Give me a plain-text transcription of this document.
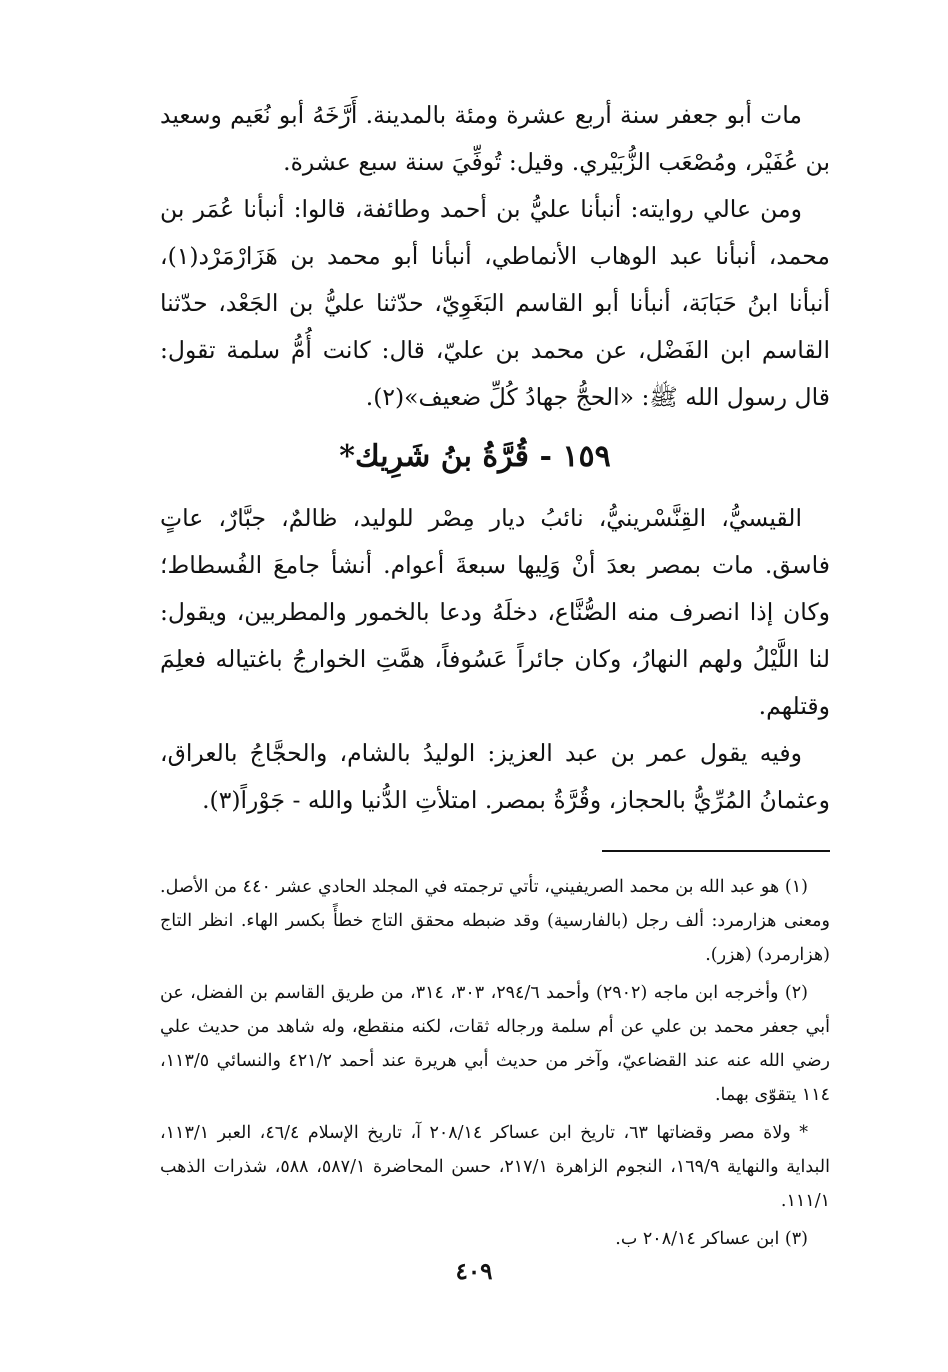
مات أبو جعفر سنة أربع عشرة ومئة بالمدينة. أَرَّخَهُ أبو نُعَيم وسعيد بن عُفَيْر، ومُصْعَب الزُّبَيْري. وقيل: تُوفِّيَ سنة سبع عشرة.

ومن عالي روايته: أنبأنا عليُّ بن أحمد وطائفة، قالوا: أنبأنا عُمَر بن محمد، أنبأنا عبد الوهاب الأنماطي، أنبأنا أبو محمد بن هَزَارْمَرْد(١)، أنبأنا ابنُ حَبَابَة، أنبأنا أبو القاسم البَغَوِيّ، حدّثنا عليُّ بن الجَعْد، حدّثنا القاسم ابن الفَضْل، عن محمد بن عليّ، قال: كانت أُمُّ سلمة تقول: قال رسول الله ﷺ: «الحجُّ جهادُ كُلِّ ضعيف»(٢).

١٥٩ - قُرَّةُ بنُ شَرِيك*

القيسيُّ، القِنَّسْرينيُّ، نائبُ ديار مِصْر للوليد، ظالمٌ، جبَّارٌ، عاتٍ فاسق. مات بمصر بعدَ أنْ وَلِيها سبعةَ أعوام. أنشأ جامعَ الفُسطاط؛ وكان إذا انصرف منه الصُّنَّاع، دخلَهُ ودعا بالخمور والمطربين، ويقول: لنا اللَّيْلُ ولهم النهارُ، وكان جائراً عَسُوفاً، همَّتِ الخوارجُ باغتياله فعلِمَ وقتلهم.

وفيه يقول عمر بن عبد العزيز: الوليدُ بالشام، والحجَّاجُ بالعراق، وعثمانُ المُرِّيُّ بالحجاز، وقُرَّةُ بمصر. امتلأتِ الدُّنيا والله - جَوْراً(٣).

(١) هو عبد الله بن محمد الصريفيني، تأتي ترجمته في المجلد الحادي عشر ٤٤٠ من الأصل. ومعنى هزارمرد: ألف رجل (بالفارسية) وقد ضبطه محقق التاج خطأً بكسر الهاء. انظر التاج (هزارمرد) (هزر).

(٢) وأخرجه ابن ماجه (٢٩٠٢) وأحمد ٢٩٤/٦، ٣٠٣، ٣١٤، من طريق القاسم بن الفضل، عن أبي جعفر محمد بن علي عن أم سلمة ورجاله ثقات، لكنه منقطع، وله شاهد من حديث علي رضي الله عنه عند القضاعيّ، وآخر من حديث أبي هريرة عند أحمد ٤٢١/٢ والنسائي ١١٣/٥، ١١٤ يتقوّى بهما.

* ولاة مصر وقضاتها ٦٣، تاريخ ابن عساكر ٢٠٨/١٤ آ، تاريخ الإسلام ٤٦/٤، العبر ١١٣/١، البداية والنهاية ١٦٩/٩، النجوم الزاهرة ٢١٧/١، حسن المحاضرة ٥٨٧/١، ٥٨٨، شذرات الذهب ١١١/١.

(٣) ابن عساكر ٢٠٨/١٤ ب.

٤٠٩
